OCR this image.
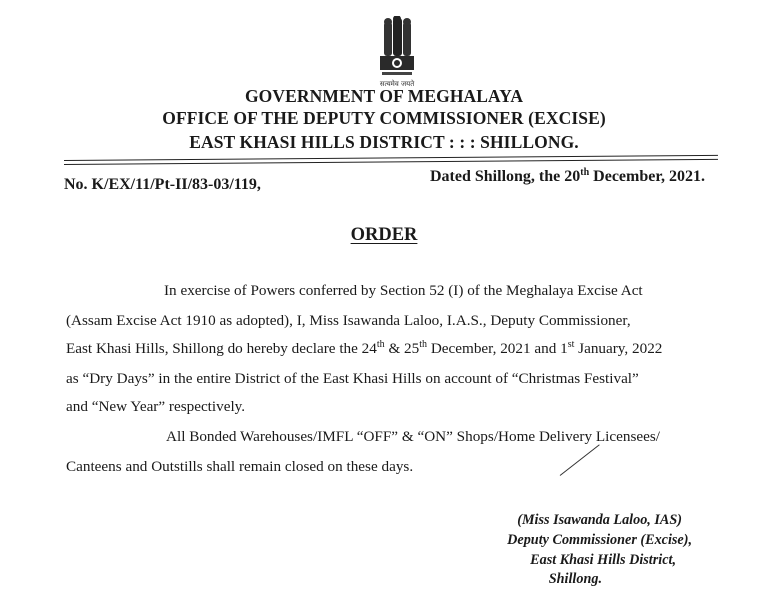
सत्यमेव जयते
GOVERNMENT OF MEGHALAYA
OFFICE OF THE DEPUTY COMMISSIONER (EXCISE)
EAST KHASI HILLS DISTRICT : : : SHILLONG.
No. K/EX/11/Pt-II/83-03/119,	Dated Shillong, the 20th December, 2021.
ORDER
In exercise of Powers conferred by Section 52 (I) of the Meghalaya Excise Act
(Assam Excise Act 1910 as adopted), I, Miss Isawanda Laloo, I.A.S., Deputy Commissioner,
East Khasi Hills, Shillong do hereby declare the 24th & 25th December, 2021 and 1st January, 2022
as “Dry Days” in the entire District of the East Khasi Hills on account of “Christmas Festival”
and “New Year” respectively.
All Bonded Warehouses/IMFL “OFF” & “ON” Shops/Home Delivery Licensees/
Canteens and Outstills shall remain closed on these days.
(Miss Isawanda Laloo, IAS)
Deputy Commissioner (Excise),
East Khasi Hills District,
Shillong.
